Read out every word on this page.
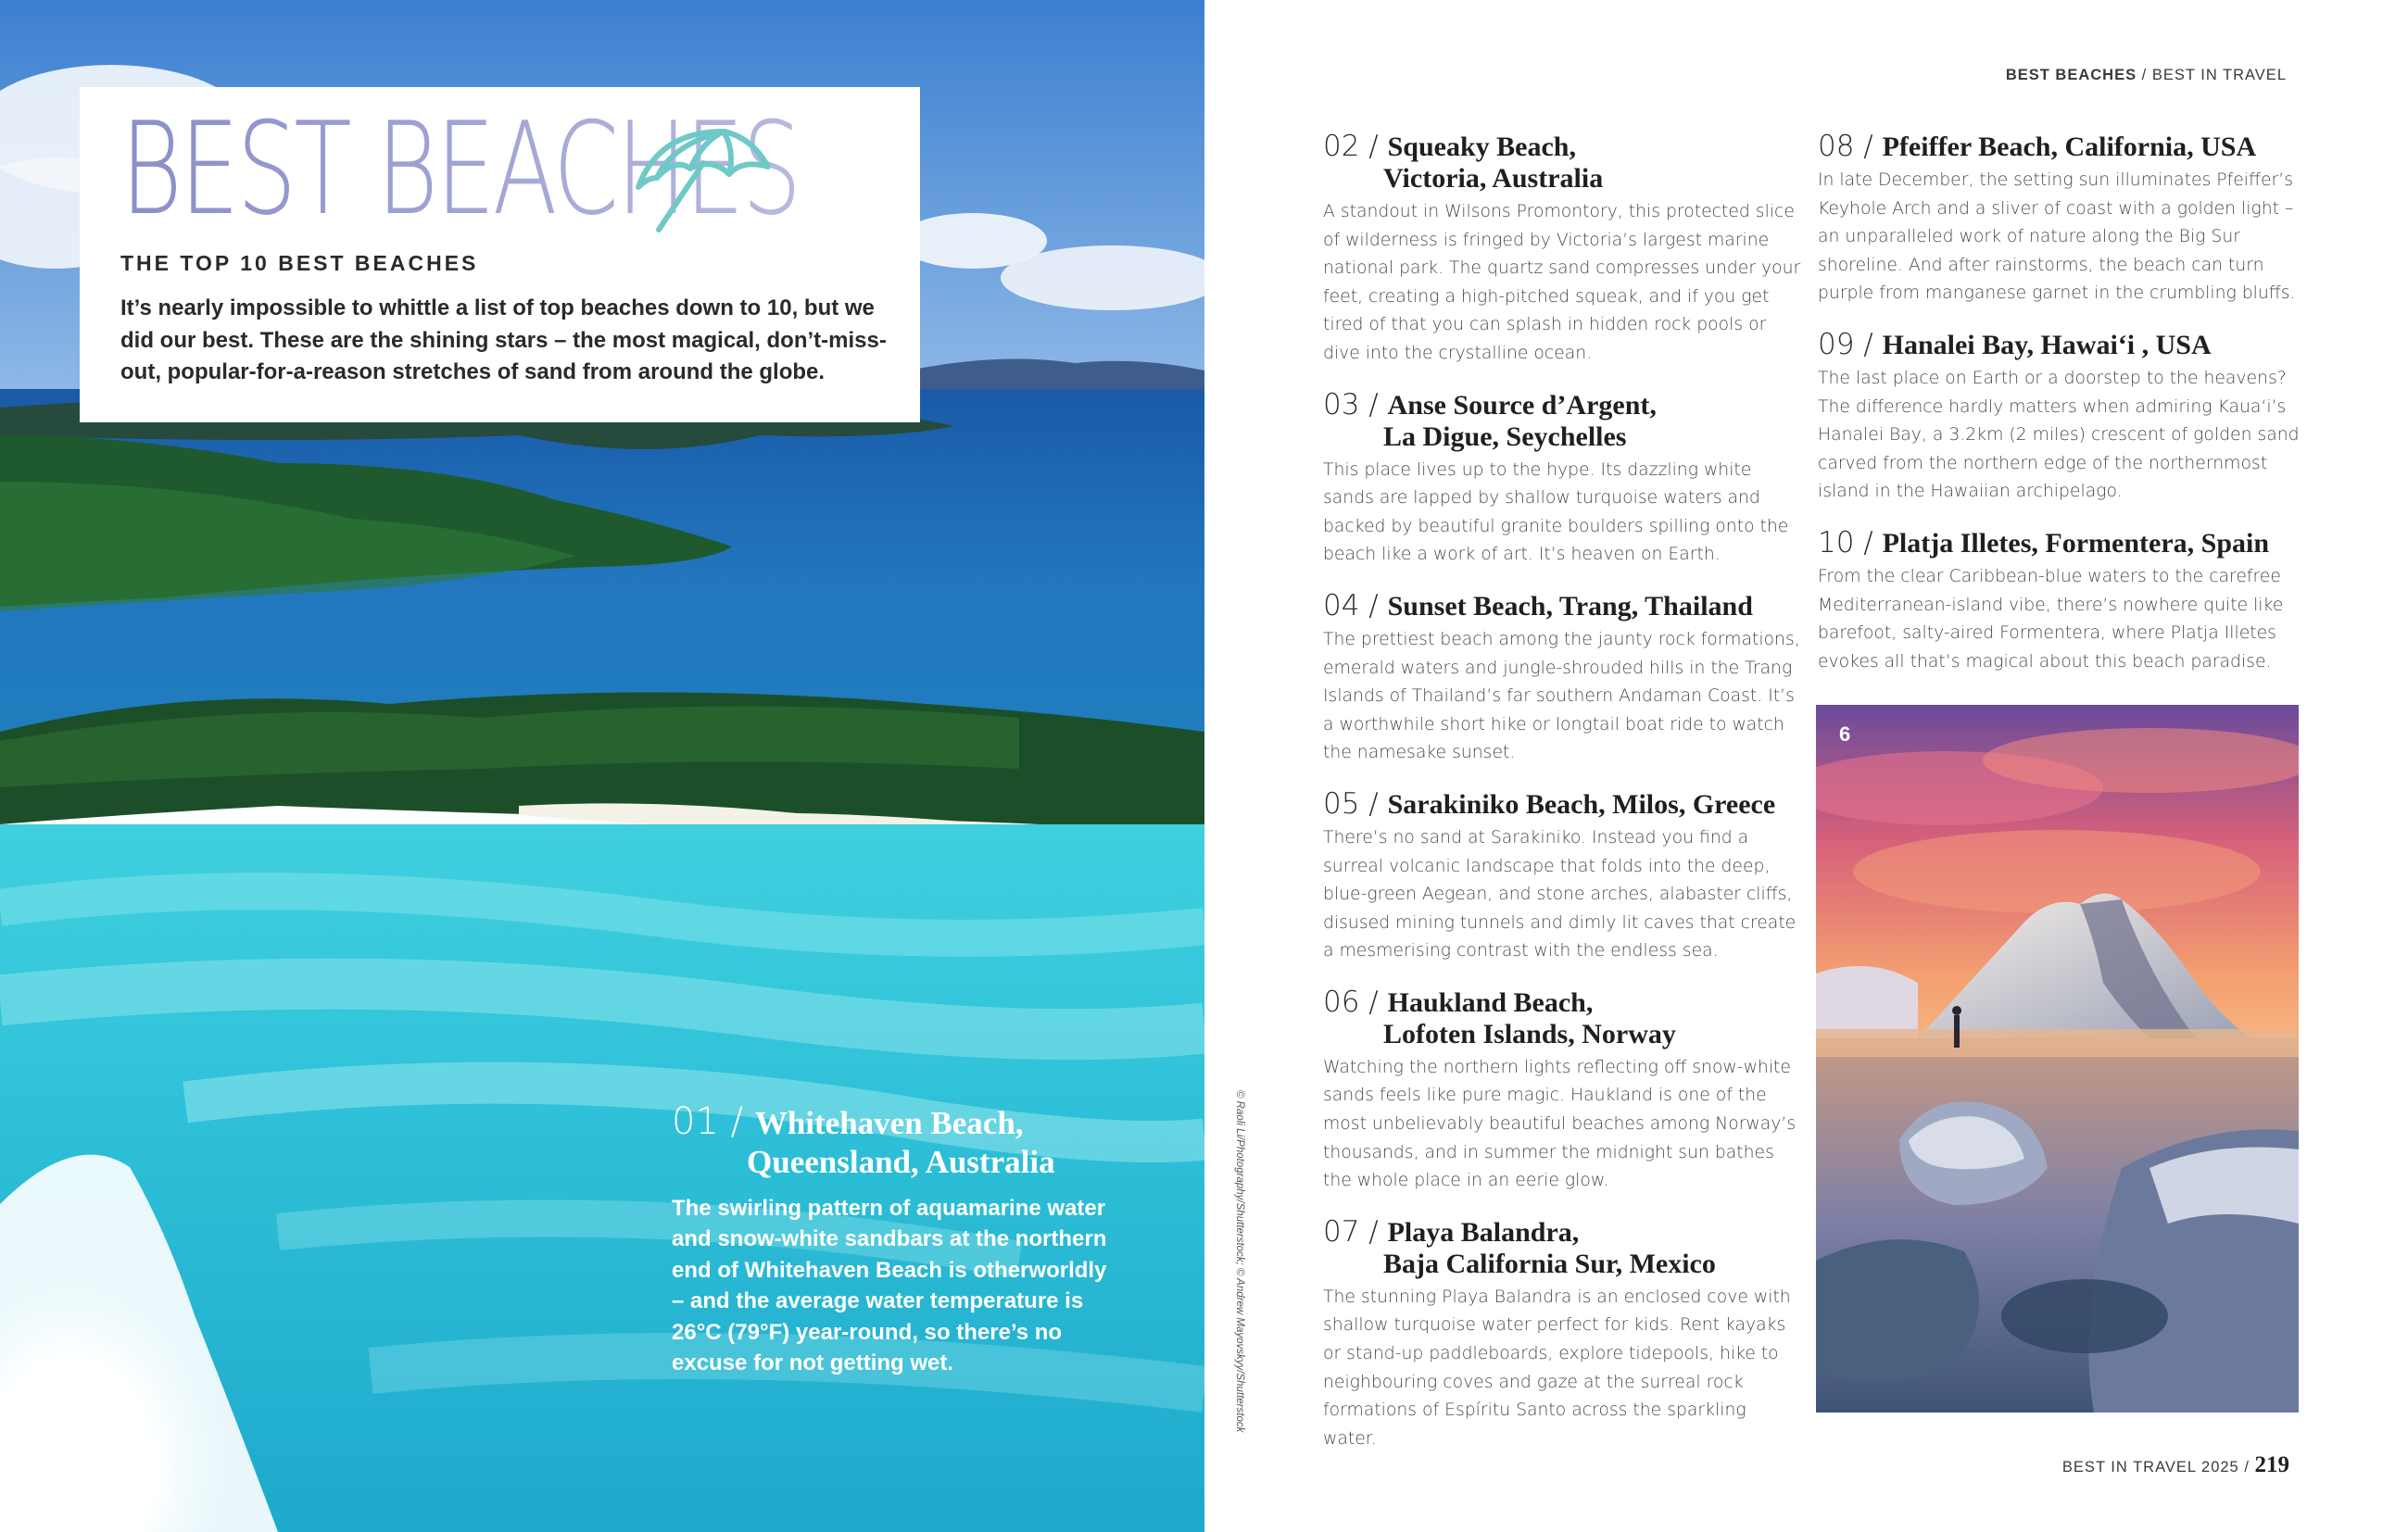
BEST BEACHES

THE TOP 10 BEST BEACHES

It’s nearly impossible to whittle a list of top beaches down to 10, but we did our best. These are the shining stars – the most magical, don’t-miss-out, popular-for-a-reason stretches of sand from around the globe.

01 / Whitehaven Beach,
Queensland, Australia

The swirling pattern of aquamarine water and snow-white sandbars at the northern end of Whitehaven Beach is otherworldly – and the average water temperature is 26°C (79°F) year-round, so there’s no excuse for not getting wet.

BEST BEACHES / BEST IN TRAVEL
© Raoli Li/Photography/Shutterstock; © Andrew Mayovskyy/Shutterstock
02 / Squeaky Beach,
Victoria, Australia

A standout in Wilsons Promontory, this protected slice of wilderness is fringed by Victoria’s largest marine national park. The quartz sand compresses under your feet, creating a high-pitched squeak, and if you get tired of that you can splash in hidden rock pools or dive into the crystalline ocean.

03 / Anse Source d’Argent,
La Digue, Seychelles

This place lives up to the hype. Its dazzling white sands are lapped by shallow turquoise waters and backed by beautiful granite boulders spilling onto the beach like a work of art. It’s heaven on Earth.

04 / Sunset Beach, Trang, Thailand

The prettiest beach among the jaunty rock formations, emerald waters and jungle-shrouded hills in the Trang Islands of Thailand’s far southern Andaman Coast. It’s a worthwhile short hike or longtail boat ride to watch the namesake sunset.

05 / Sarakiniko Beach, Milos, Greece

There’s no sand at Sarakiniko. Instead you find a surreal volcanic landscape that folds into the deep, blue-green Aegean, and stone arches, alabaster cliffs, disused mining tunnels and dimly lit caves that create a mesmerising contrast with the endless sea.

06 / Haukland Beach,
Lofoten Islands, Norway

Watching the northern lights reflecting off snow-white sands feels like pure magic. Haukland is one of the most unbelievably beautiful beaches among Norway’s thousands, and in summer the midnight sun bathes the whole place in an eerie glow.

07 / Playa Balandra,
Baja California Sur, Mexico

The stunning Playa Balandra is an enclosed cove with shallow turquoise water perfect for kids. Rent kayaks or stand-up paddleboards, explore tidepools, hike to neighbouring coves and gaze at the surreal rock formations of Espíritu Santo across the sparkling water.

08 / Pfeiffer Beach, California, USA

In late December, the setting sun illuminates Pfeiffer’s Keyhole Arch and a sliver of coast with a golden light – an unparalleled work of nature along the Big Sur shoreline. And after rainstorms, the beach can turn purple from manganese garnet in the crumbling bluffs.

09 / Hanalei Bay, Hawai‘i , USA

The last place on Earth or a doorstep to the heavens? The difference hardly matters when admiring Kaua‘i’s Hanalei Bay, a 3.2km (2 miles) crescent of golden sand carved from the northern edge of the northernmost island in the Hawaiian archipelago.

10 / Platja Illetes, Formentera, Spain

From the clear Caribbean-blue waters to the carefree Mediterranean-island vibe, there’s nowhere quite like barefoot, salty-aired Formentera, where Platja Illetes evokes all that’s magical about this beach paradise.

6
BEST IN TRAVEL 2025 / 219
